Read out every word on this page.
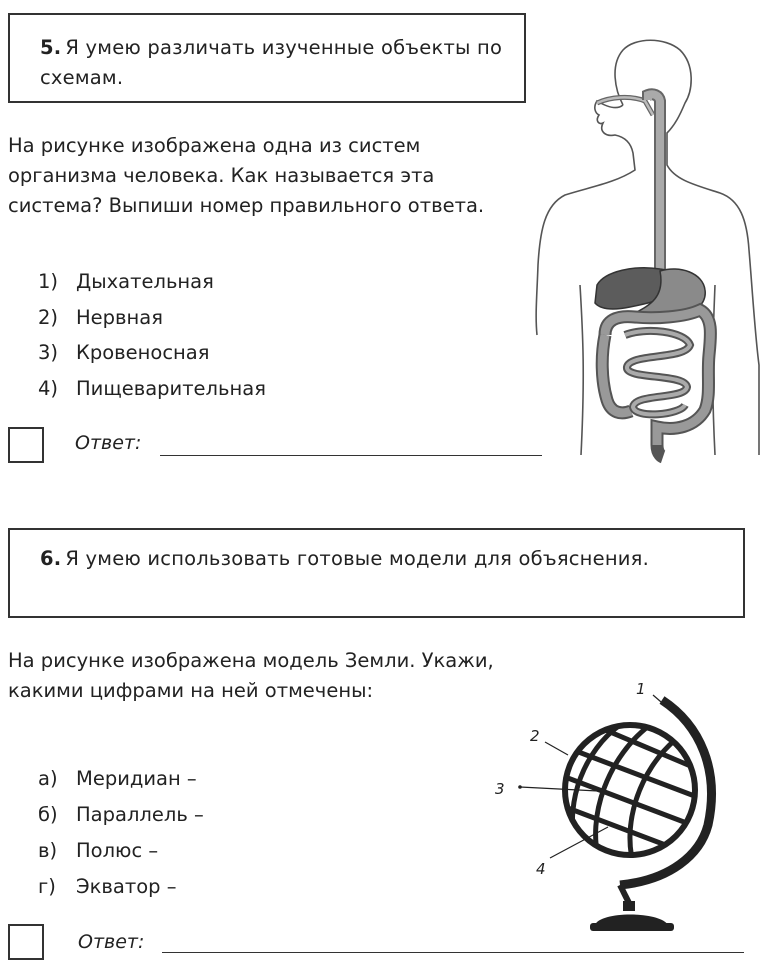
5. Я умею различать изученные объекты по схемам.
На рисунке изображена одна из систем организма человека. Как называется эта система? Выпиши номер правильного ответа.
1) Дыхательная
2) Нервная
3) Кровеносная
4) Пищеварительная
Ответ:
6. Я умею использовать готовые модели для объяснения.
На рисунке изображена модель Земли. Укажи, какими цифрами на ней отмечены:
а) Меридиан –
б) Параллель –
в) Полюс –
г) Экватор –
Ответ:
1
2
3
4
